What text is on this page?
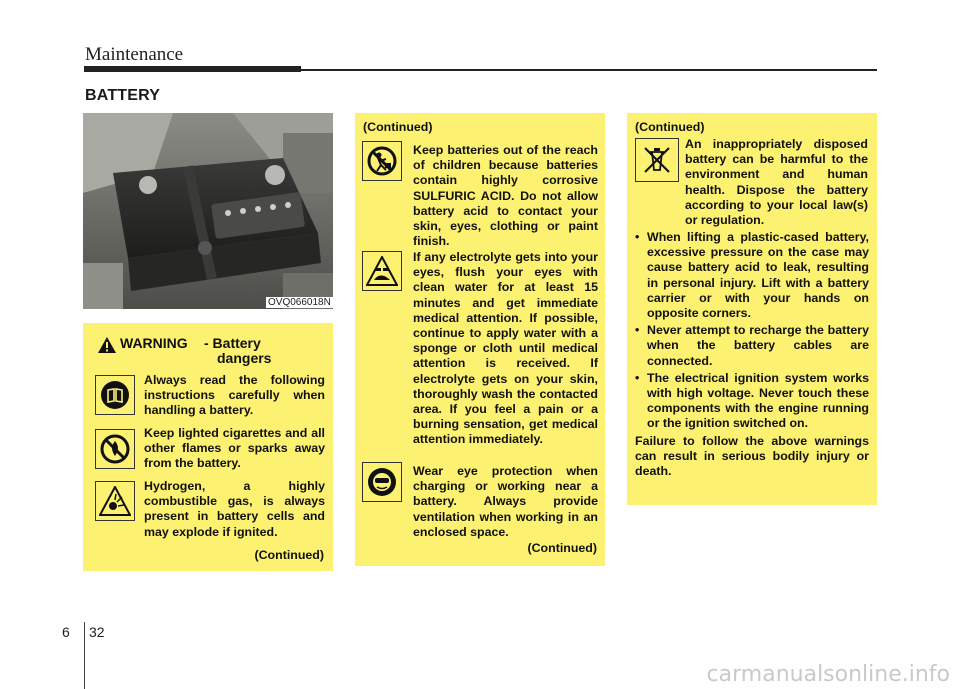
Maintenance
BATTERY
OVQ066018N
WARNING - Battery
dangers
Always read the following instructions carefully when handling a battery.
Keep lighted cigarettes and all other flames or sparks away from the battery.
Hydrogen, a highly combustible gas, is always present in battery cells and may explode if ignited.
(Continued)
(Continued)
Keep batteries out of the reach of children because batteries contain highly corrosive SULFURIC ACID. Do not allow battery acid to contact your skin, eyes, clothing or paint finish.
If any electrolyte gets into your eyes, flush your eyes with clean water for at least 15 minutes and get immediate medical attention. If possible, continue to apply water with a sponge or cloth until medical attention is received. If electrolyte gets on your skin, thoroughly wash the contacted area. If you feel a pain or a burning sensation, get medical attention immediately.
Wear eye protection when charging or working near a battery. Always provide ventilation when working in an enclosed space.
(Continued)
(Continued)
An inappropriately disposed battery can be harmful to the environment and human health. Dispose the battery according to your local law(s) or regulation.
• When lifting a plastic-cased battery, excessive pressure on the case may cause battery acid to leak, resulting in personal injury. Lift with a battery carrier or with your hands on opposite corners.
• Never attempt to recharge the battery when the battery cables are connected.
• The electrical ignition system works with high voltage. Never touch these components with the engine running or the ignition switched on.
Failure to follow the above warnings can result in serious bodily injury or death.
6 32
carmanualsonline.info
